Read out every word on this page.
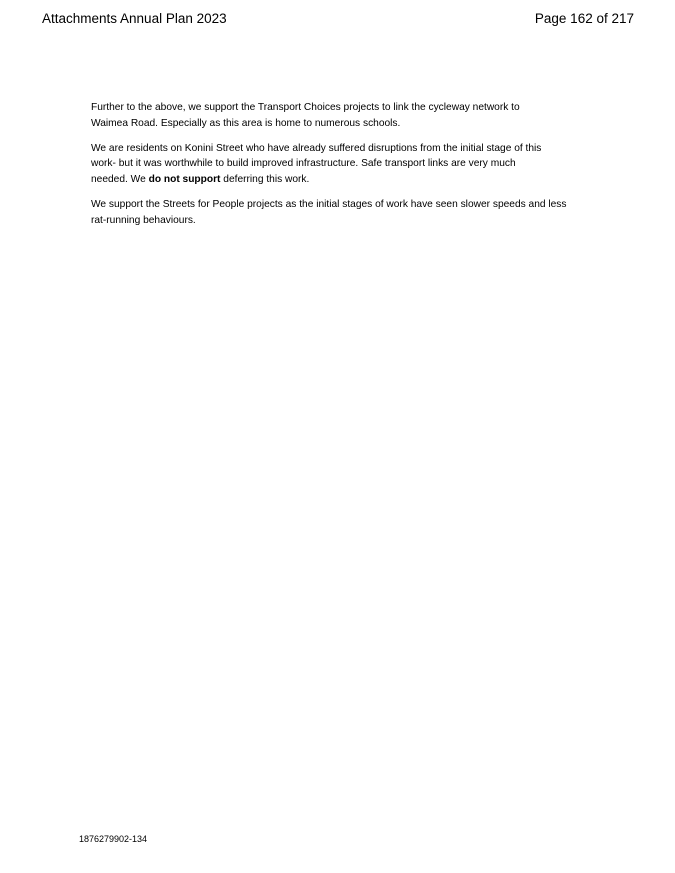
Attachments Annual Plan 2023	Page 162 of 217

Further to the above, we support the Transport Choices projects to link the cycleway network to
Waimea Road. Especially as this area is home to numerous schools.

We are residents on Konini Street who have already suffered disruptions from the initial stage of this
work- but it was worthwhile to build improved infrastructure. Safe transport links are very much
needed. We do not support deferring this work.

We support the Streets for People projects as the initial stages of work have seen slower speeds and less
rat-running behaviours.

1876279902-134
